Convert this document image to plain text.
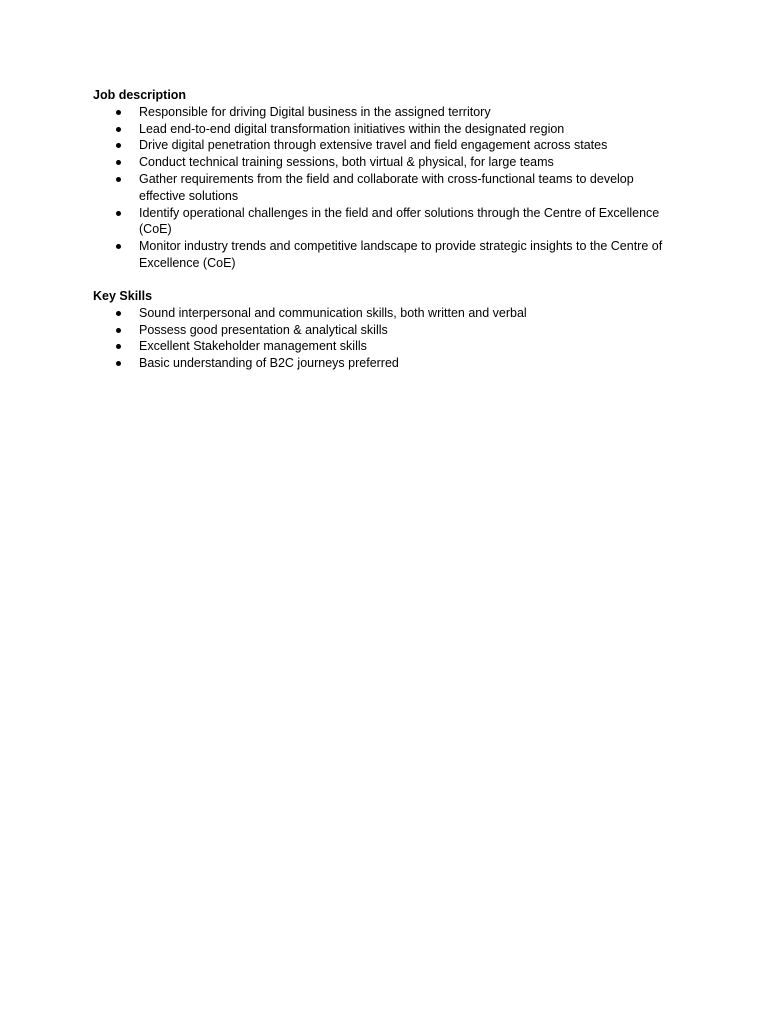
Job description
Responsible for driving Digital business in the assigned territory
Lead end-to-end digital transformation initiatives within the designated region
Drive digital penetration through extensive travel and field engagement across states
Conduct technical training sessions, both virtual & physical, for large teams
Gather requirements from the field and collaborate with cross-functional teams to develop effective solutions
Identify operational challenges in the field and offer solutions through the Centre of Excellence (CoE)
Monitor industry trends and competitive landscape to provide strategic insights to the Centre of Excellence (CoE)
Key Skills
Sound interpersonal and communication skills, both written and verbal
Possess good presentation & analytical skills
Excellent Stakeholder management skills
Basic understanding of B2C journeys preferred
